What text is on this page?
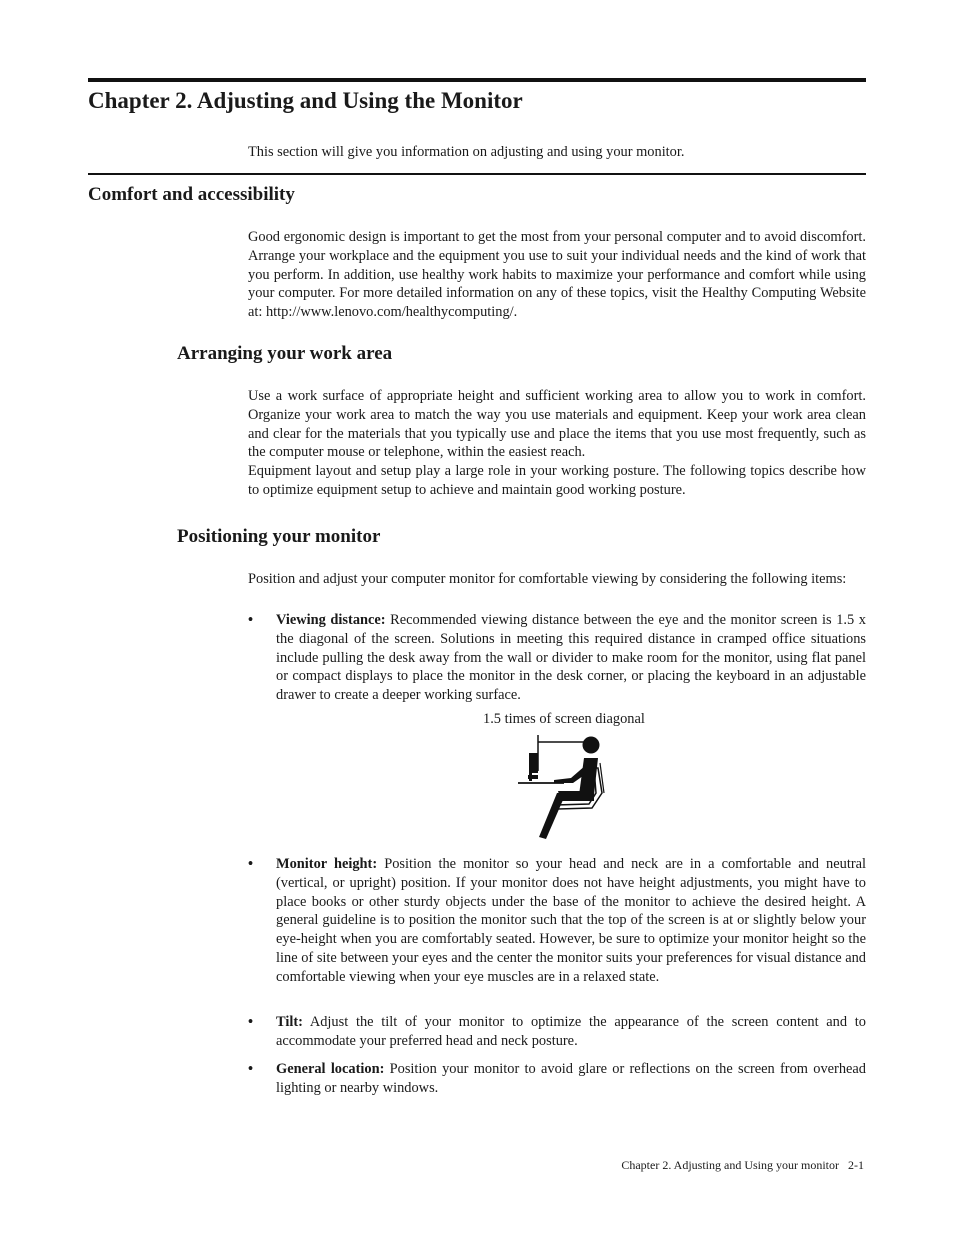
Chapter 2. Adjusting and Using the Monitor

This section will give you information on adjusting and using your monitor.

Comfort and accessibility

Good ergonomic design is important to get the most from your personal computer and to avoid discomfort. Arrange your workplace and the equipment you use to suit your individual needs and the kind of work that you perform. In addition, use healthy work habits to maximize your performance and comfort while using your computer. For more detailed information on any of these topics, visit the Healthy Computing Website at: http://www.lenovo.com/healthycomputing/.

Arranging your work area

Use a work surface of appropriate height and sufficient working area to allow you to work in comfort. Organize your work area to match the way you use materials and equipment. Keep your work area clean and clear for the materials that you typically use and place the items that you use most frequently, such as the computer mouse or telephone, within the easiest reach.

Equipment layout and setup play a large role in your working posture. The following topics describe how to optimize equipment setup to achieve and maintain good working posture.

Positioning your monitor

Position and adjust your computer monitor for comfortable viewing by considering the following items:

• Viewing distance: Recommended viewing distance between the eye and the monitor screen is 1.5 x the diagonal of the screen. Solutions in meeting this required distance in cramped office situations include pulling the desk away from the wall or divider to make room for the monitor, using flat panel or compact displays to place the monitor in the desk corner, or placing the keyboard in an adjustable drawer to create a deeper working surface.

1.5 times of screen diagonal

• Monitor height: Position the monitor so your head and neck are in a comfortable and neutral (vertical, or upright) position. If your monitor does not have height adjustments, you might have to place books or other sturdy objects under the base of the monitor to achieve the desired height. A general guideline is to position the monitor such that the top of the screen is at or slightly below your eye-height when you are comfortably seated. However, be sure to optimize your monitor height so the line of site between your eyes and the center the monitor suits your preferences for visual distance and comfortable viewing when your eye muscles are in a relaxed state.
• Tilt: Adjust the tilt of your monitor to optimize the appearance of the screen content and to accommodate your preferred head and neck posture.
• General location: Position your monitor to avoid glare or reflections on the screen from overhead lighting or nearby windows.
Chapter 2. Adjusting and Using your monitor   2-1
